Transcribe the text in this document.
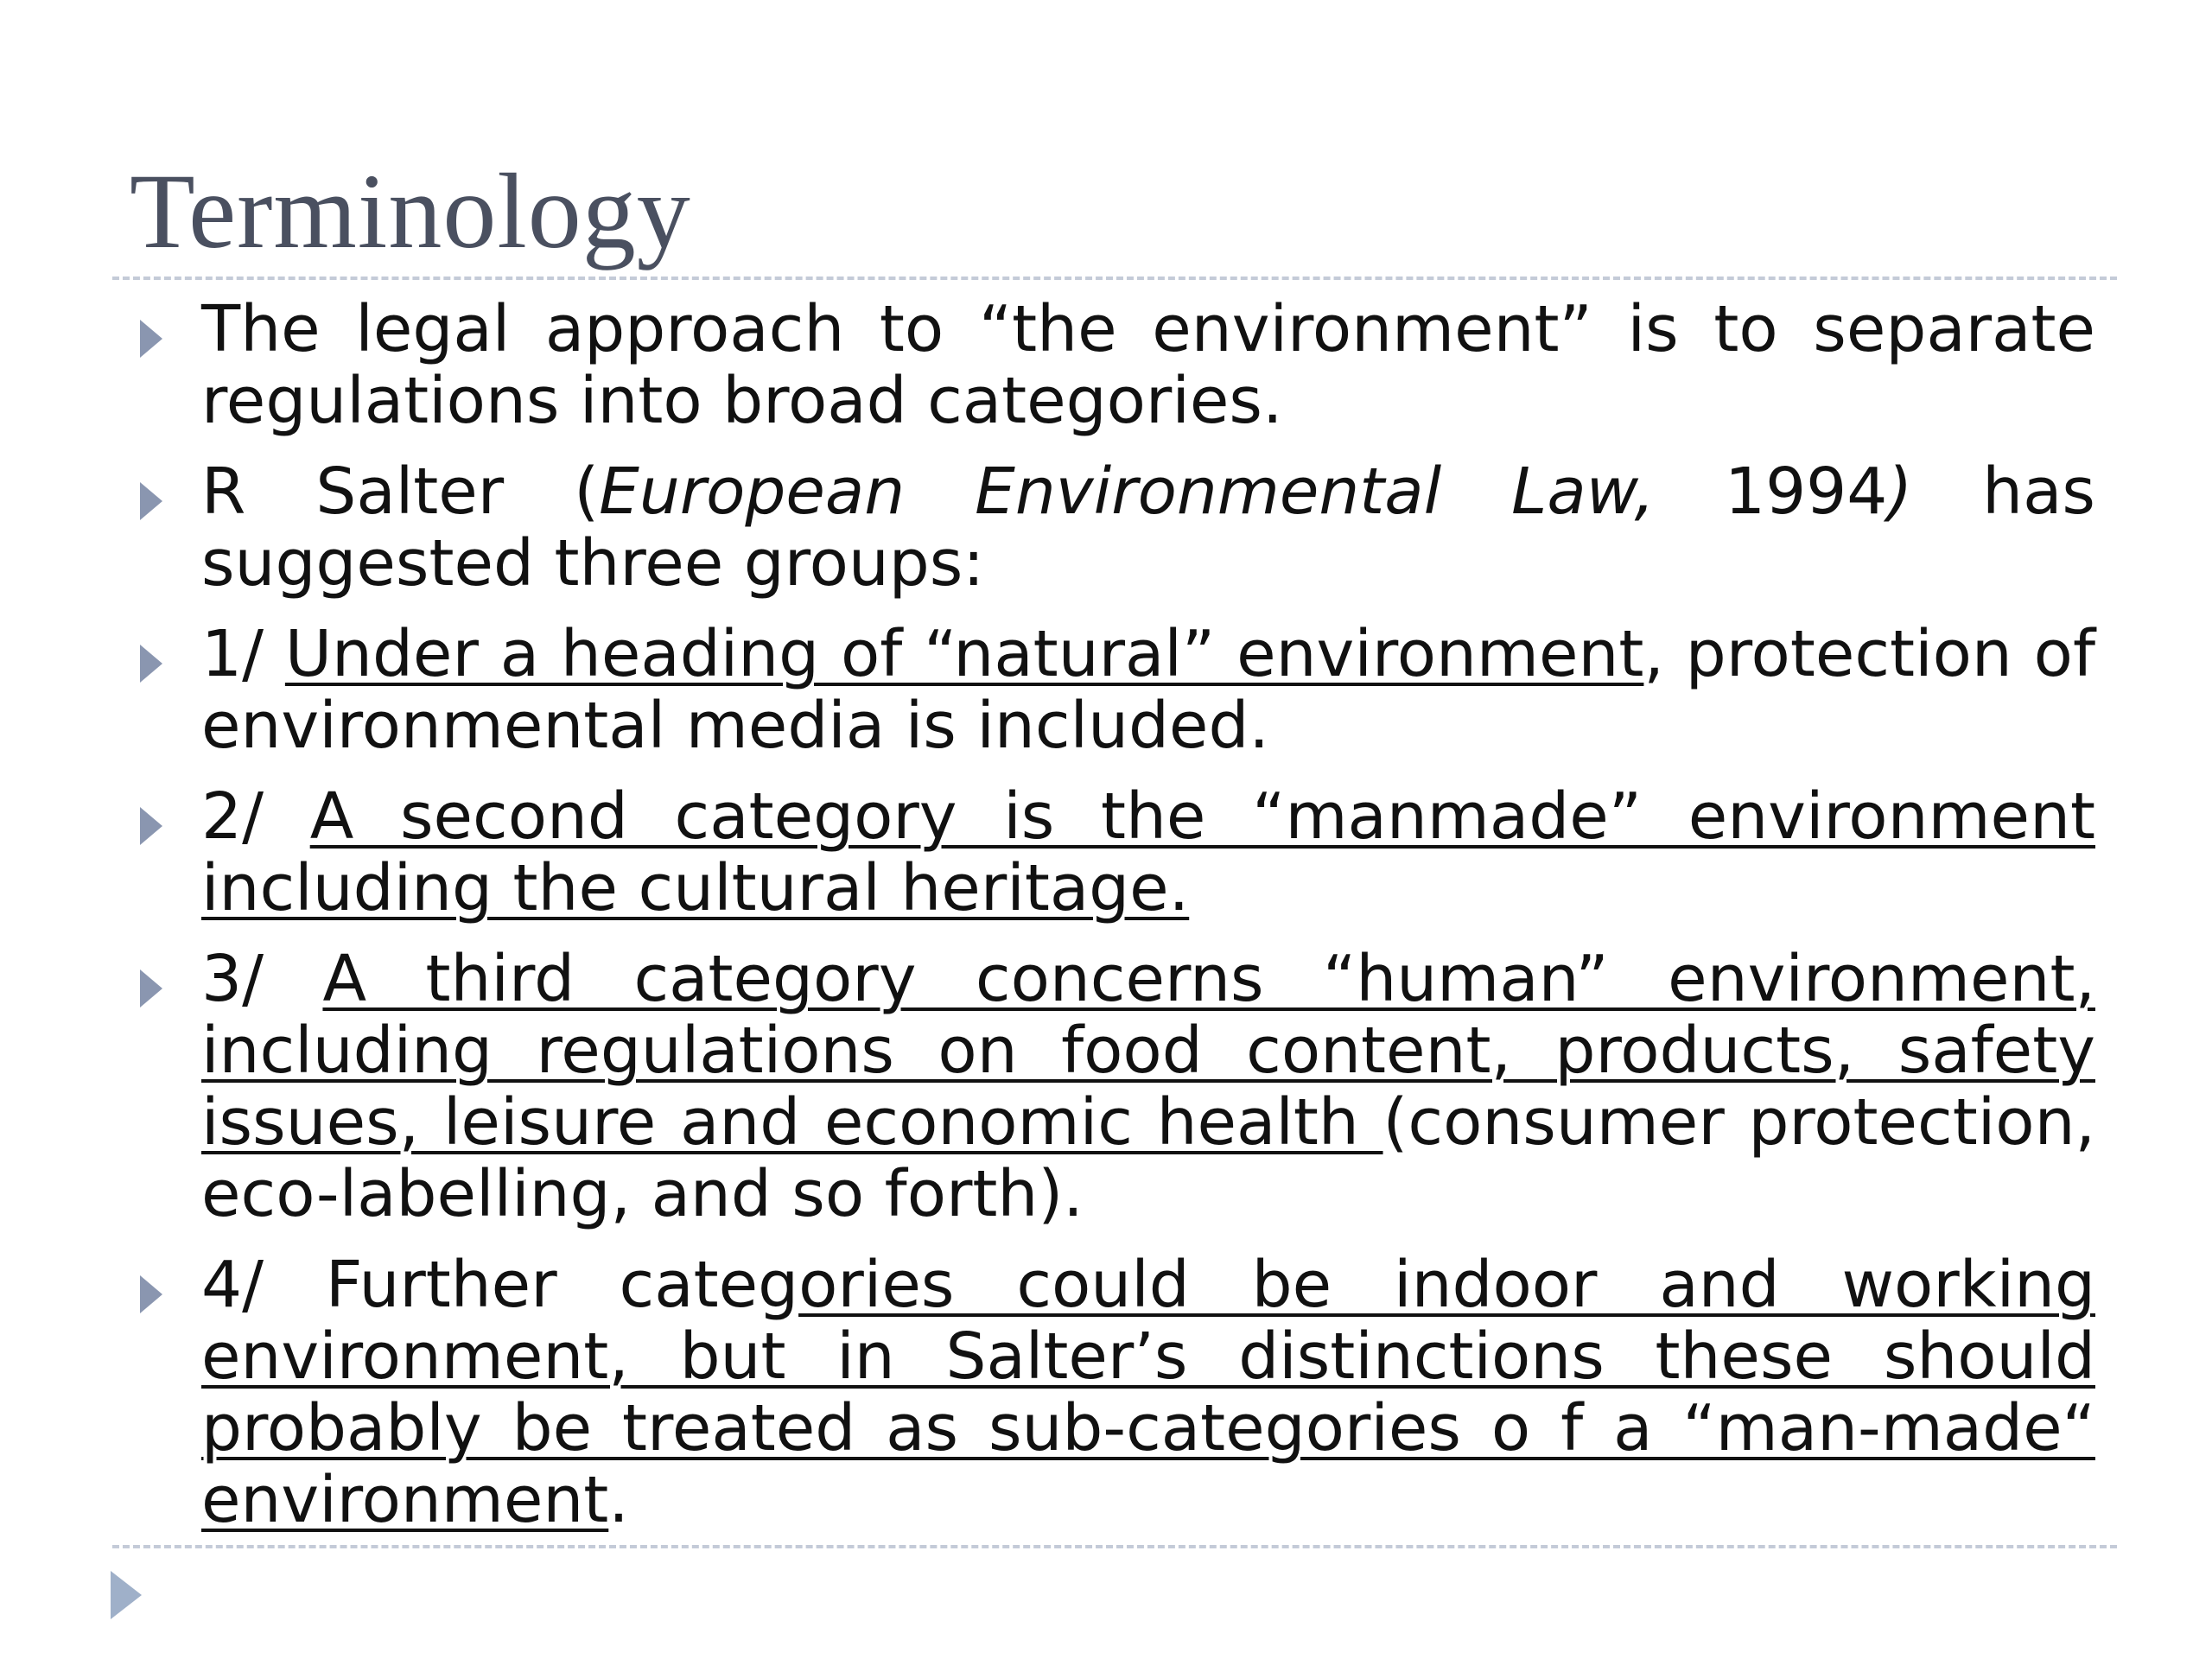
Terminology

The legal approach to “the environment” is to separate regulations into broad categories.

R Salter (European Environmental Law, 1994) has suggested three groups:

1/ Under a heading of “natural” environment, protection of environmental media is included.

2/ A second category is the “manmade” environment including the cultural heritage.

3/ A third category concerns “human” environment, including regulations on food content, products, safety issues, leisure and economic health (consumer protection, eco-labelling, and so forth).

4/ Further categories could be indoor and working environment, but in Salter’s distinctions these should probably be treated as sub-categories o f a “man-made“ environment.
